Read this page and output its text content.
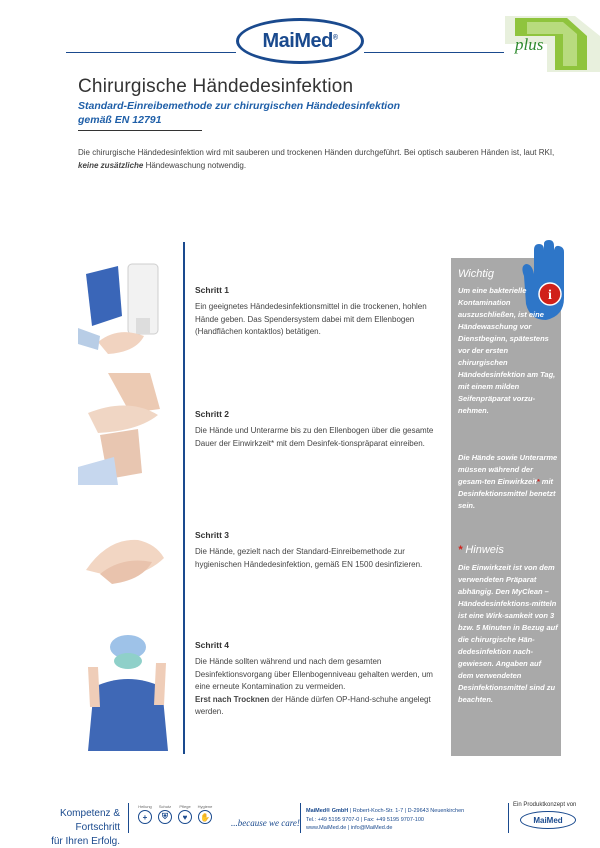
MaiMed®	plus
Chirurgische Händedesinfektion
Standard-Einreibemethode zur chirurgischen Händedesinfektion
gemäß EN 12791

Die chirurgische Händedesinfektion wird mit sauberen und trockenen Händen durchgeführt. Bei optisch sauberen Händen ist, laut RKI, keine zusätzliche Händewaschung notwendig.

Schritt 1

Ein geeignetes Händedesinfektionsmittel in die trockenen, hohlen Hände geben. Das Spendersystem dabei mit dem Ellenbogen (Handflächen kontaktlos) betätigen.

Schritt 2

Die Hände und Unterarme bis zu den Ellenbogen über die gesamte Dauer der Einwirkzeit* mit dem Desinfek-tionspräparat einreiben.

Schritt 3

Die Hände, gezielt nach der Standard-Einreibemethode zur hygienischen Händedesinfektion, gemäß EN 1500 desinfizieren.

Schritt 4

Die Hände sollten während und nach dem gesamten Desinfektionsvorgang über Ellenbogenniveau gehalten werden, um eine erneute Kontamination zu vermeiden.

Erst nach Trocknen der Hände dürfen OP-Hand-schuhe angelegt werden.

i
Wichtig
Um eine bakterielle Kontamination auszuschließen, ist eine Händewaschung vor Dienstbeginn, spätestens vor der ersten chirurgischen Händedesinfektion am Tag, mit einem milden Seifenpräparat vorzu-nehmen.
Die Hände sowie Unterarme müssen während der gesam-ten Einwirkzeit* mit Desinfektionsmittel benetzt sein.
* Hinweis
Die Einwirkzeit ist von dem verwendeten Präparat abhängig. Den MyClean – Händedesinfektions-mitteln ist eine Wirk-samkeit von 3 bzw. 5 Minuten in Bezug auf die chirurgische Hän-dedesinfektion nach-gewiesen. Angaben auf dem verwendeten Desinfektionsmittel sind zu beachten.
Kompetenz & Fortschritt
für Ihren Erfolg.
Heilung
+
Schutz
⛨
Pflege
♥
Hygiene
✋
...because we care!
MaiMed® GmbH | Robert-Koch-Str. 1-7 | D-29643 Neuenkirchen
Tel.: +49 5195 9707-0 | Fax: +49 5195 9707-100
www.MaiMed.de | info@MaiMed.de
Ein Produktkonzept von
MaiMed
